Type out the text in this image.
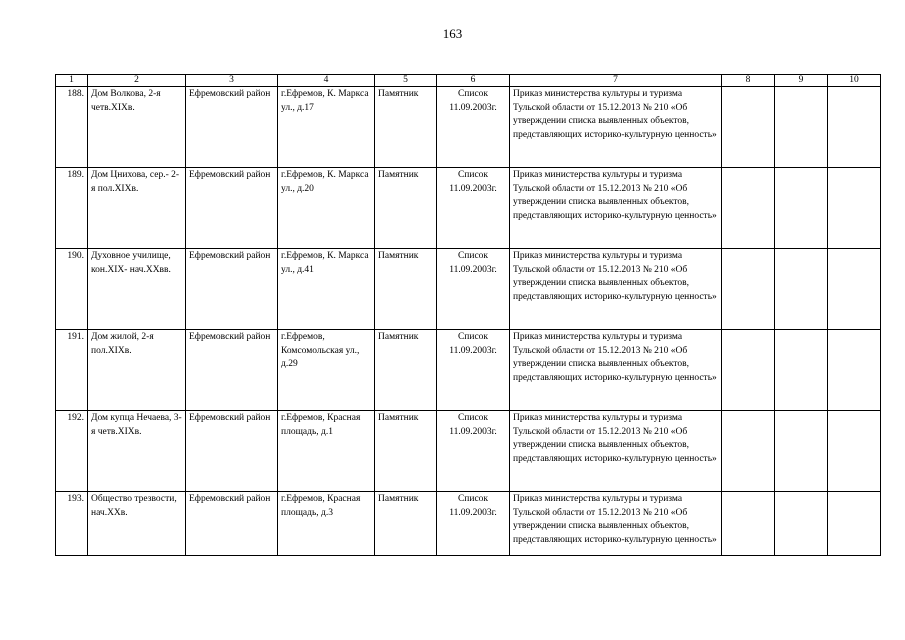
163
1	2	3	4	5	6	7	8	9	10
188.	Дом Волкова, 2-я четв.XIXв.	Ефремовский район	г.Ефремов, К. Маркса ул., д.17	Памятник	Список 11.09.2003г.	Приказ министерства культуры и туризма Тульской области от 15.12.2013 № 210 «Об утверждении списка выявленных объектов, представляющих историко-культурную ценность»			
189.	Дом Цнихова, сер.- 2-я пол.XIXв.	Ефремовский район	г.Ефремов, К. Маркса ул., д.20	Памятник	Список 11.09.2003г.	Приказ министерства культуры и туризма Тульской области от 15.12.2013 № 210 «Об утверждении списка выявленных объектов, представляющих историко-культурную ценность»			
190.	Духовное училище, кон.XIX- нач.XXвв.	Ефремовский район	г.Ефремов, К. Маркса ул., д.41	Памятник	Список 11.09.2003г.	Приказ министерства культуры и туризма Тульской области от 15.12.2013 № 210 «Об утверждении списка выявленных объектов, представляющих историко-культурную ценность»			
191.	Дом жилой, 2-я пол.XIXв.	Ефремовский район	г.Ефремов, Комсомольская ул., д.29	Памятник	Список 11.09.2003г.	Приказ министерства культуры и туризма Тульской области от 15.12.2013 № 210 «Об утверждении списка выявленных объектов, представляющих историко-культурную ценность»			
192.	Дом купца Нечаева, 3-я четв.XIXв.	Ефремовский район	г.Ефремов, Красная площадь, д.1	Памятник	Список 11.09.2003г.	Приказ министерства культуры и туризма Тульской области от 15.12.2013 № 210 «Об утверждении списка выявленных объектов, представляющих историко-культурную ценность»			
193.	Общество трезвости, нач.XXв.	Ефремовский район	г.Ефремов, Красная площадь, д.3	Памятник	Список 11.09.2003г.	Приказ министерства культуры и туризма Тульской области от 15.12.2013 № 210 «Об утверждении списка выявленных объектов, представляющих историко-культурную ценность»			
